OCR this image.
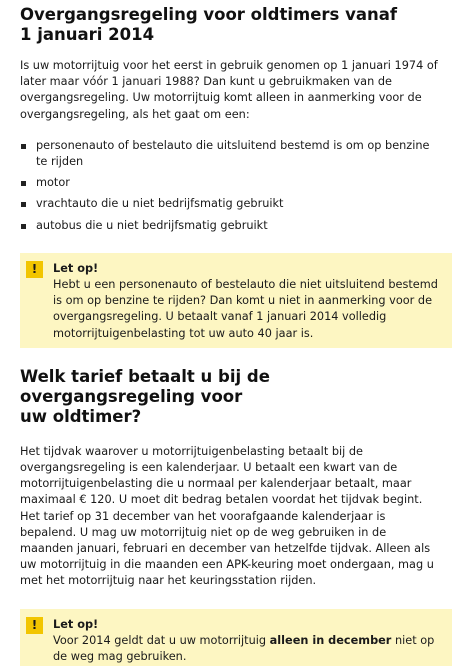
Overgangsregeling voor oldtimers vanaf
1 januari 2014

Is uw motorrijtuig voor het eerst in gebruik genomen op 1 januari 1974 of later maar vóór 1 januari 1988? Dan kunt u gebruikmaken van de overgangsregeling. Uw motorrijtuig komt alleen in aanmerking voor de overgangsregeling, als het gaat om een:

personenauto of bestelauto die uitsluitend bestemd is om op benzine te rijden
motor
vrachtauto die u niet bedrijfsmatig gebruikt
autobus die u niet bedrijfsmatig gebruikt
!	Let op!
Hebt u een personenauto of bestelauto die niet uitsluitend bestemd is om op benzine te rijden? Dan komt u niet in aanmerking voor de overgangsregeling. U betaalt vanaf 1 januari 2014 volledig motorrijtuigenbelasting tot uw auto 40 jaar is.
Welk tarief betaalt u bij de overgangsregeling voor
uw oldtimer?

Het tijdvak waarover u motorrijtuigenbelasting betaalt bij de overgangsregeling is een kalenderjaar. U betaalt een kwart van de motorrijtuigenbelasting die u normaal per kalenderjaar betaalt, maar maximaal € 120. U moet dit bedrag betalen voordat het tijdvak begint. Het tarief op 31 december van het voorafgaande kalenderjaar is bepalend. U mag uw motorrijtuig niet op de weg gebruiken in de maanden januari, februari en december van hetzelfde tijdvak. Alleen als uw motorrijtuig in die maanden een APK-keuring moet ondergaan, mag u met het motorrijtuig naar het keuringsstation rijden.

!	Let op!
Voor 2014 geldt dat u uw motorrijtuig alleen in december niet op de weg mag gebruiken.
